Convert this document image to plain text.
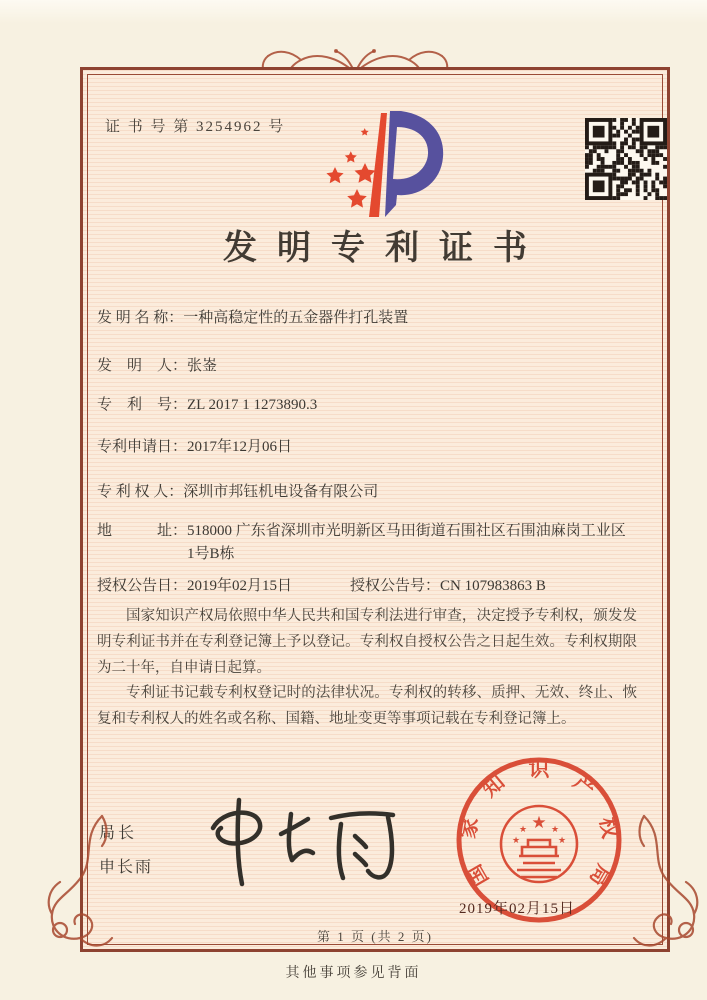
证 书 号 第 3254962 号
发明专利证书
发 明 名 称： 一种高稳定性的五金器件打孔装置
发　明　人： 张崟
专　利　号： ZL 2017 1 1273890.3
专利申请日： 2017年12月06日
专 利 权 人： 深圳市邦钰机电设备有限公司
地　　　址： 518000 广东省深圳市光明新区马田街道石围社区石围油麻岗工业区1号B栋
授权公告日：2019年02月15日	授权公告号：CN 107983863 B

国家知识产权局依照中华人民共和国专利法进行审查，决定授予专利权，颁发发明专利证书并在专利登记簿上予以登记。专利权自授权公告之日起生效。专利权期限为二十年，自申请日起算。

专利证书记载专利权登记时的法律状况。专利权的转移、质押、无效、终止、恢复和专利权人的姓名或名称、国籍、地址变更等事项记载在专利登记簿上。

局长
申长雨
★
★	★
★	★
国
家
知
识
产
权
局
2019年02月15日
第 1 页 (共 2 页)
其他事项参见背面
